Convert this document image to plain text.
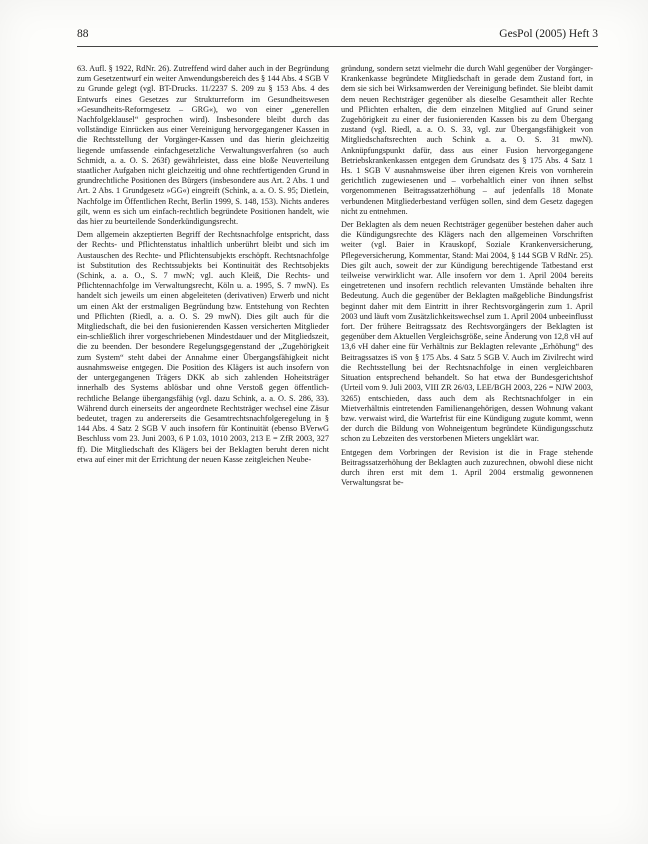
88	GesPol (2005) Heft 3

63. Aufl. § 1922, RdNr. 26). Zutreffend wird daher auch in der Begründung zum Gesetzentwurf ein weiter Anwendungsbereich des § 144 Abs. 4 SGB V zu Grunde gelegt (vgl. BT-Drucks. 11/2237 S. 209 zu § 153 Abs. 4 des Entwurfs eines Gesetzes zur Strukturreform im Gesundheitswesen »Gesundheits-Reformgesetz – GRG«), wo von einer „generellen Nachfolgeklausel“ gesprochen wird). Insbesondere bleibt durch das vollständige Einrücken aus einer Vereinigung hervorgegangener Kassen in die Rechtsstellung der Vorgänger-Kassen und das hierin gleichzeitig liegende umfassende einfachgesetzliche Verwaltungsverfahren (so auch Schmidt, a. a. O. S. 263f) gewährleistet, dass eine bloße Neuverteilung staatlicher Aufgaben nicht gleichzeitig und ohne rechtfertigenden Grund in grundrechtliche Positionen des Bürgers (insbesondere aus Art. 2 Abs. 1 und Art. 2 Abs. 1 Grundgesetz »GG«) eingreift (Schink, a. a. O. S. 95; Dietlein, Nachfolge im Öffentlichen Recht, Berlin 1999, S. 148, 153). Nichts anderes gilt, wenn es sich um einfach-rechtlich begründete Positionen handelt, wie das hier zu beurteilende Sonderkündigungsrecht.

Dem allgemein akzeptierten Begriff der Rechtsnachfolge entspricht, dass der Rechts- und Pflichtenstatus inhaltlich unberührt bleibt und sich im Austauschen des Rechte- und Pflichtensubjekts erschöpft. Rechtsnachfolge ist Substitution des Rechtssubjekts bei Kontinuität des Rechtsobjekts (Schink, a. a. O., S. 7 mwN; vgl. auch Kleiß, Die Rechts- und Pflichtennachfolge im Verwaltungsrecht, Köln u. a. 1995, S. 7 mwN). Es handelt sich jeweils um einen abgeleiteten (derivativen) Erwerb und nicht um einen Akt der erstmaligen Begründung bzw. Entstehung von Rechten und Pflichten (Riedl, a. a. O. S. 29 mwN). Dies gilt auch für die Mitgliedschaft, die bei den fusionierenden Kassen versicherten Mitglieder ein-schließlich ihrer vorgeschriebenen Mindestdauer und der Mitgliedszeit, die zu beenden. Der besondere Regelungsgegenstand der „Zugehörigkeit zum System“ steht dabei der Annahme einer Übergangsfähigkeit nicht ausnahmsweise entgegen. Die Position des Klägers ist auch insofern von der untergegangenen Trägers DKK ab sich zahlenden Hoheitsträger innerhalb des Systems ablösbar und ohne Verstoß gegen öffentlich-rechtliche Belange übergangsfähig (vgl. dazu Schink, a. a. O. S. 286, 33). Während durch einerseits der angeordnete Rechtsträger wechsel eine Zäsur bedeutet, tragen zu andererseits die Gesamtrechtsnachfolgeregelung in § 144 Abs. 4 Satz 2 SGB V auch insofern für Kontinuität (ebenso BVerwG Beschluss vom 23. Juni 2003, 6 P 1.03, 1010 2003, 213 E = ZfR 2003, 327 ff). Die Mitgliedschaft des Klägers bei der Beklagten beruht deren nicht etwa auf einer mit der Errichtung der neuen Kasse zeitgleichen Neube-

gründung, sondern setzt vielmehr die durch Wahl gegenüber der Vorgänger-Krankenkasse begründete Mitgliedschaft in gerade dem Zustand fort, in dem sie sich bei Wirksamwerden der Vereinigung befindet. Sie bleibt damit dem neuen Rechtsträger gegenüber als dieselbe Gesamtheit aller Rechte und Pflichten erhalten, die dem einzelnen Mitglied auf Grund seiner Zugehörigkeit zu einer der fusionierenden Kassen bis zu dem Übergang zustand (vgl. Riedl, a. a. O. S. 33, vgl. zur Übergangsfähigkeit von Mitgliedschaftsrechten auch Schink a. a. O. S. 31 mwN). Anknüpfungspunkt dafür, dass aus einer Fusion hervorgegangene Betriebskrankenkassen entgegen dem Grundsatz des § 175 Abs. 4 Satz 1 Hs. 1 SGB V ausnahmsweise über ihren eigenen Kreis von vornherein gerichtlich zugewiesenen und – vorbehaltlich einer von ihnen selbst vorgenommenen Beitragssatzerhöhung – auf jedenfalls 18 Monate verbundenen Mitgliederbestand verfügen sollen, sind dem Gesetz dagegen nicht zu entnehmen.

Der Beklagten als dem neuen Rechtsträger gegenüber bestehen daher auch die Kündigungsrechte des Klägers nach den allgemeinen Vorschriften weiter (vgl. Baier in Krauskopf, Soziale Krankenversicherung, Pflegeversicherung, Kommentar, Stand: Mai 2004, § 144 SGB V RdNr. 25). Dies gilt auch, soweit der zur Kündigung berechtigende Tatbestand erst teilweise verwirklicht war. Alle insofern vor dem 1. April 2004 bereits eingetretenen und insofern rechtlich relevanten Umstände behalten ihre Bedeutung. Auch die gegenüber der Beklagten maßgebliche Bindungsfrist beginnt daher mit dem Eintritt in ihrer Rechtsvorgängerin zum 1. April 2003 und läuft vom Zusätzlichkeitswechsel zum 1. April 2004 unbeeinflusst fort. Der frühere Beitragssatz des Rechtsvorgängers der Beklagten ist gegenüber dem Aktuellen Vergleichsgröße, seine Änderung von 12,8 vH auf 13,6 vH daher eine für Verhältnis zur Beklagten relevante „Erhöhung“ des Beitragssatzes iS von § 175 Abs. 4 Satz 5 SGB V. Auch im Zivilrecht wird die Rechtsstellung bei der Rechtsnachfolge in einen vergleichbaren Situation entsprechend behandelt. So hat etwa der Bundesgerichtshof (Urteil vom 9. Juli 2003, VIII ZR 26/03, LEE/BGH 2003, 226 = NJW 2003, 3265) entschieden, dass auch dem als Rechtsnachfolger in ein Mietverhältnis eintretenden Familienangehörigen, dessen Wohnung vakant bzw. verwaist wird, die Wartefrist für eine Kündigung zugute kommt, wenn der durch die Bildung von Wohneigentum begründete Kündigungsschutz schon zu Lebzeiten des verstorbenen Mieters ungeklärt war.

Entgegen dem Vorbringen der Revision ist die in Frage stehende Beitragssatzerhöhung der Beklagten auch zuzurechnen, obwohl diese nicht durch ihren erst mit dem 1. April 2004 erstmalig gewonnenen Verwaltungsrat be-
